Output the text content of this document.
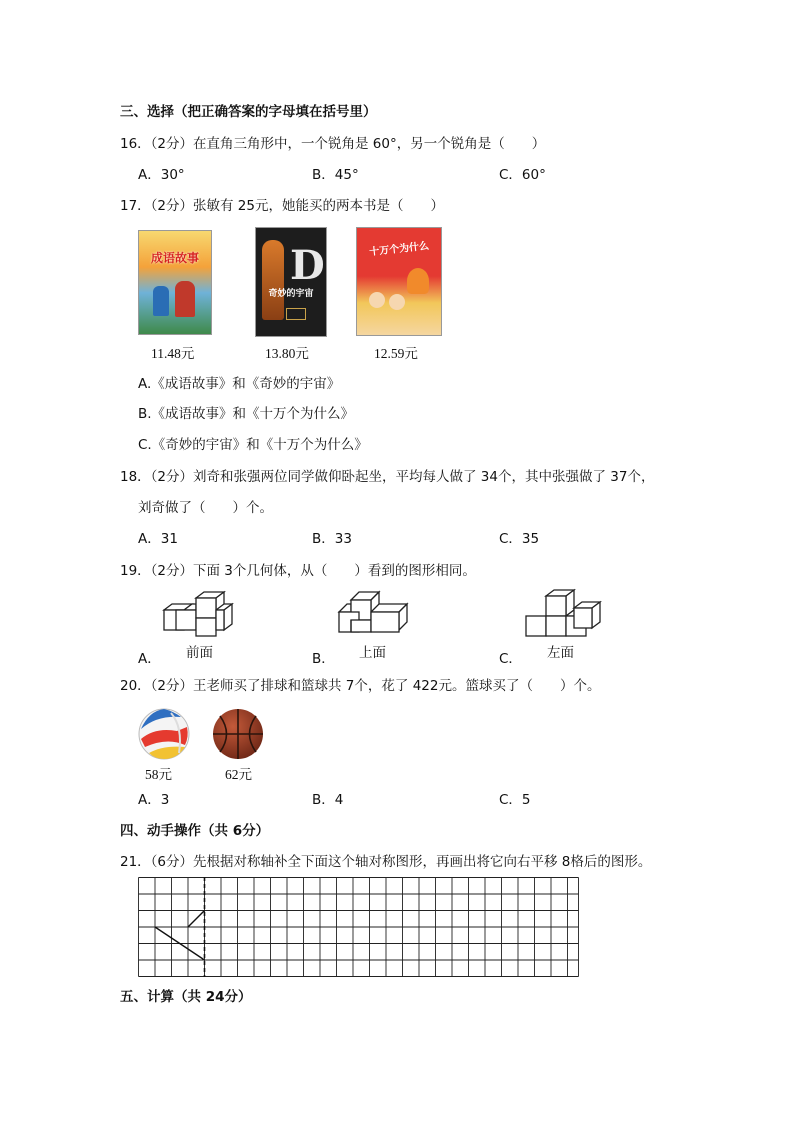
三、选择（把正确答案的字母填在括号里）
16．（2分）在直角三角形中，一个锐角是 60°，另一个锐角是（　　）
A．30°	B．45°	C．60°
17．（2分）张敏有 25元，她能买的两本书是（　　）
成语故事
11.48元
D
奇妙的宇宙
13.80元
十万个为什么
12.59元
A.《成语故事》和《奇妙的宇宙》
B.《成语故事》和《十万个为什么》
C.《奇妙的宇宙》和《十万个为什么》
18．（2分）刘奇和张强两位同学做仰卧起坐，平均每人做了 34个，其中张强做了 37个，
刘奇做了（　　）个。
A．31	B．33	C．35
19．（2分）下面 3个几何体，从（　　）看到的图形相同。
前面
A．	上面
B．	左面
C．
20．（2分）王老师买了排球和篮球共 7个，花了 422元。篮球买了（　　）个。
58元	62元
A．3	B．4	C．5
四、动手操作（共 6分）
21．（6分）先根据对称轴补全下面这个轴对称图形，再画出将它向右平移 8格后的图形。
五、计算（共 24分）
